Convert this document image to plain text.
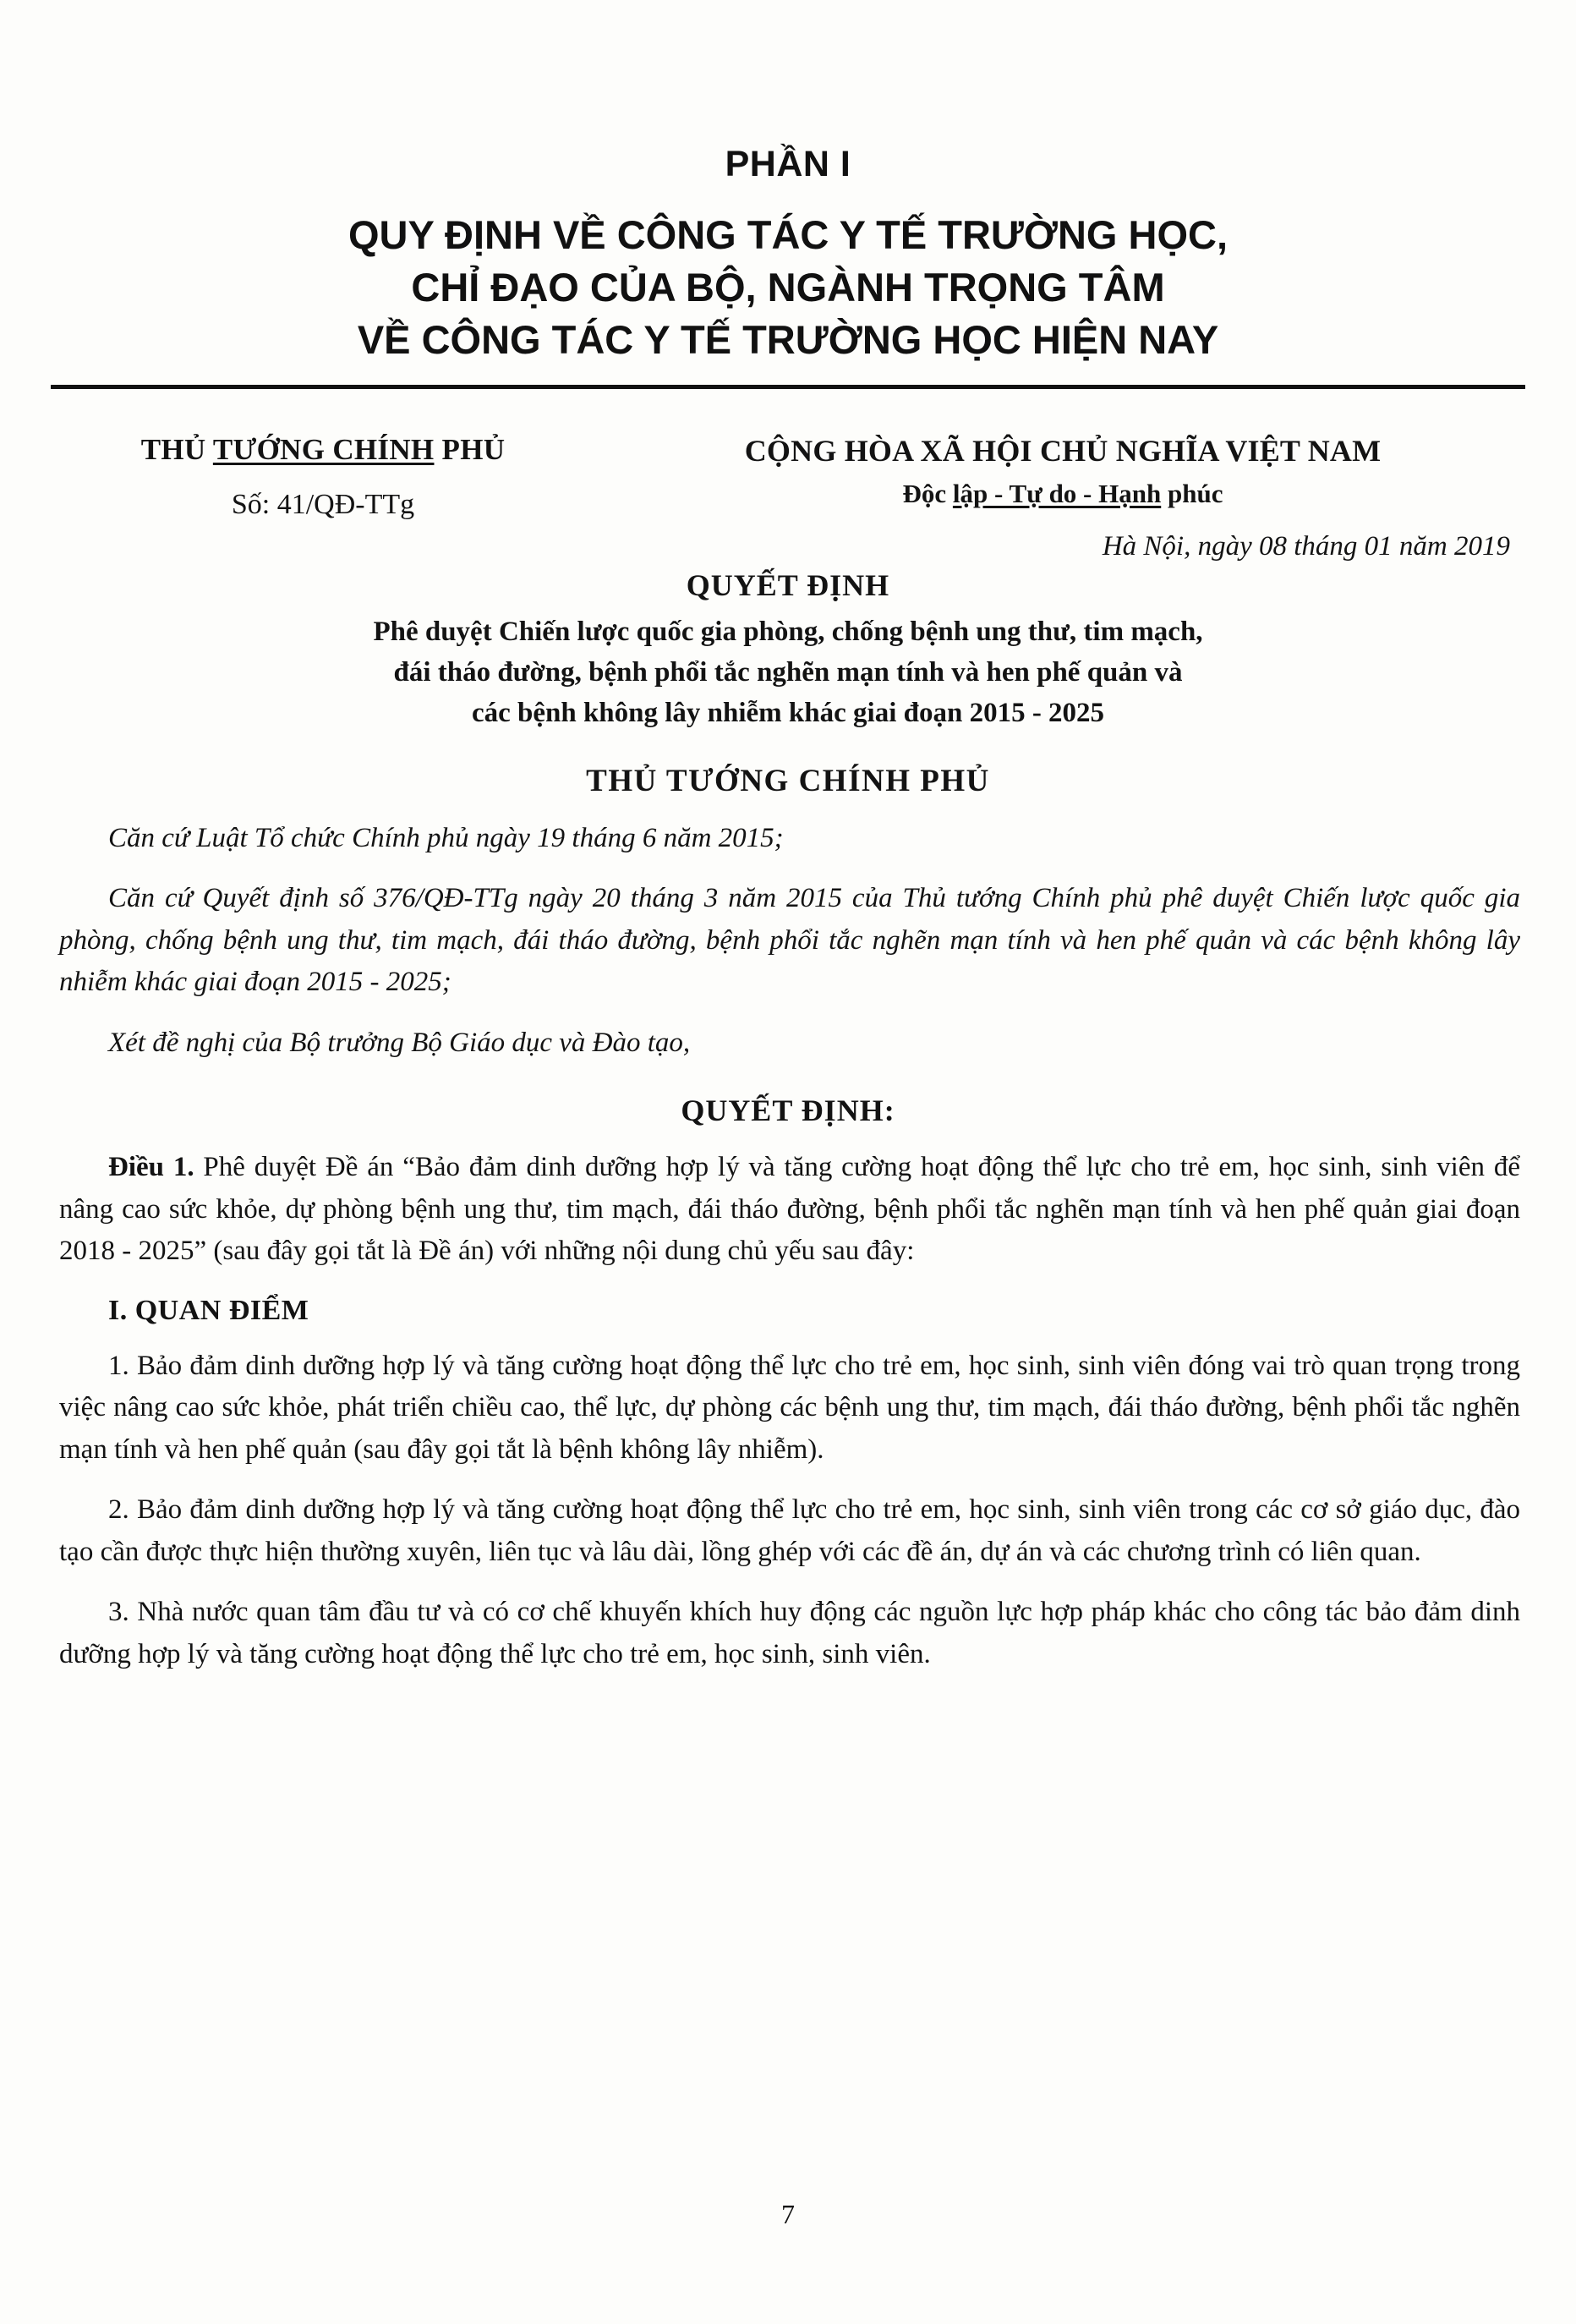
PHẦN I
QUY ĐỊNH VỀ CÔNG TÁC Y TẾ TRƯỜNG HỌC,
CHỈ ĐẠO CỦA BỘ, NGÀNH TRỌNG TÂM
VỀ CÔNG TÁC Y TẾ TRƯỜNG HỌC HIỆN NAY
THỦ TƯỚNG CHÍNH PHỦ
Số: 41/QĐ-TTg
CỘNG HÒA XÃ HỘI CHỦ NGHĨA VIỆT NAM
Độc lập - Tự do - Hạnh phúc
Hà Nội, ngày 08 tháng 01 năm 2019
QUYẾT ĐỊNH
Phê duyệt Chiến lược quốc gia phòng, chống bệnh ung thư, tim mạch,
đái tháo đường, bệnh phổi tắc nghẽn mạn tính và hen phế quản và
các bệnh không lây nhiễm khác giai đoạn 2015 - 2025
THỦ TƯỚNG CHÍNH PHỦ
Căn cứ Luật Tổ chức Chính phủ ngày 19 tháng 6 năm 2015;
Căn cứ Quyết định số 376/QĐ-TTg ngày 20 tháng 3 năm 2015 của Thủ tướng Chính phủ phê duyệt Chiến lược quốc gia phòng, chống bệnh ung thư, tim mạch, đái tháo đường, bệnh phổi tắc nghẽn mạn tính và hen phế quản và các bệnh không lây nhiễm khác giai đoạn 2015 - 2025;
Xét đề nghị của Bộ trưởng Bộ Giáo dục và Đào tạo,
QUYẾT ĐỊNH:
Điều 1. Phê duyệt Đề án “Bảo đảm dinh dưỡng hợp lý và tăng cường hoạt động thể lực cho trẻ em, học sinh, sinh viên để nâng cao sức khỏe, dự phòng bệnh ung thư, tim mạch, đái tháo đường, bệnh phổi tắc nghẽn mạn tính và hen phế quản giai đoạn 2018 - 2025” (sau đây gọi tắt là Đề án) với những nội dung chủ yếu sau đây:
I. QUAN ĐIỂM
1. Bảo đảm dinh dưỡng hợp lý và tăng cường hoạt động thể lực cho trẻ em, học sinh, sinh viên đóng vai trò quan trọng trong việc nâng cao sức khỏe, phát triển chiều cao, thể lực, dự phòng các bệnh ung thư, tim mạch, đái tháo đường, bệnh phổi tắc nghẽn mạn tính và hen phế quản (sau đây gọi tắt là bệnh không lây nhiễm).
2. Bảo đảm dinh dưỡng hợp lý và tăng cường hoạt động thể lực cho trẻ em, học sinh, sinh viên trong các cơ sở giáo dục, đào tạo cần được thực hiện thường xuyên, liên tục và lâu dài, lồng ghép với các đề án, dự án và các chương trình có liên quan.
3. Nhà nước quan tâm đầu tư và có cơ chế khuyến khích huy động các nguồn lực hợp pháp khác cho công tác bảo đảm dinh dưỡng hợp lý và tăng cường hoạt động thể lực cho trẻ em, học sinh, sinh viên.
7
